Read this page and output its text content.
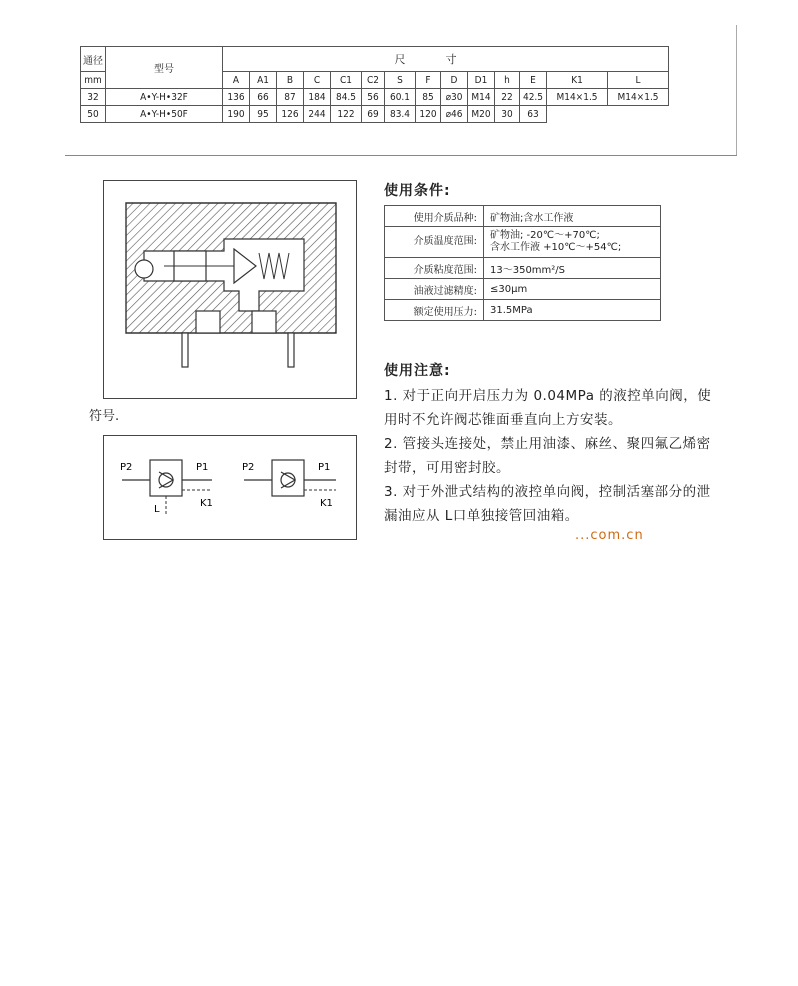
通径	型号	尺寸													
mm		A	A1	B	C	C1	C2	S	F	D	D1	h	E	K1	L
32	A•Y-H•32F	136	66	87	184	84.5	56	60.1	85	⌀30	M14	22	42.5	M14×1.5	M14×1.5
50	A•Y-H•50F	190	95	126	244	122	69	83.4	120	⌀46	M20	30	63		
符号.
P2	P1
K1
L
P2	P1
K1
使用条件:
使用介质品种:	矿物油;含水工作液
介质温度范围:	矿物油; -20℃～+70℃;
含水工作液 +10℃～+54℃;

介质粘度范围:	13～350mm²/S
油液过滤精度:	≤30μm
额定使用压力:	31.5MPa
使用注意:

1. 对于正向开启压力为 0.04MPa 的液控单向阀，使用时不允许阀芯锥面垂直向上方安装。

2. 管接头连接处，禁止用油漆、麻丝、聚四氟乙烯密封带，可用密封胶。

3. 对于外泄式结构的液控单向阀，控制活塞部分的泄漏油应从 L口单独接管回油箱。

...com.cn
